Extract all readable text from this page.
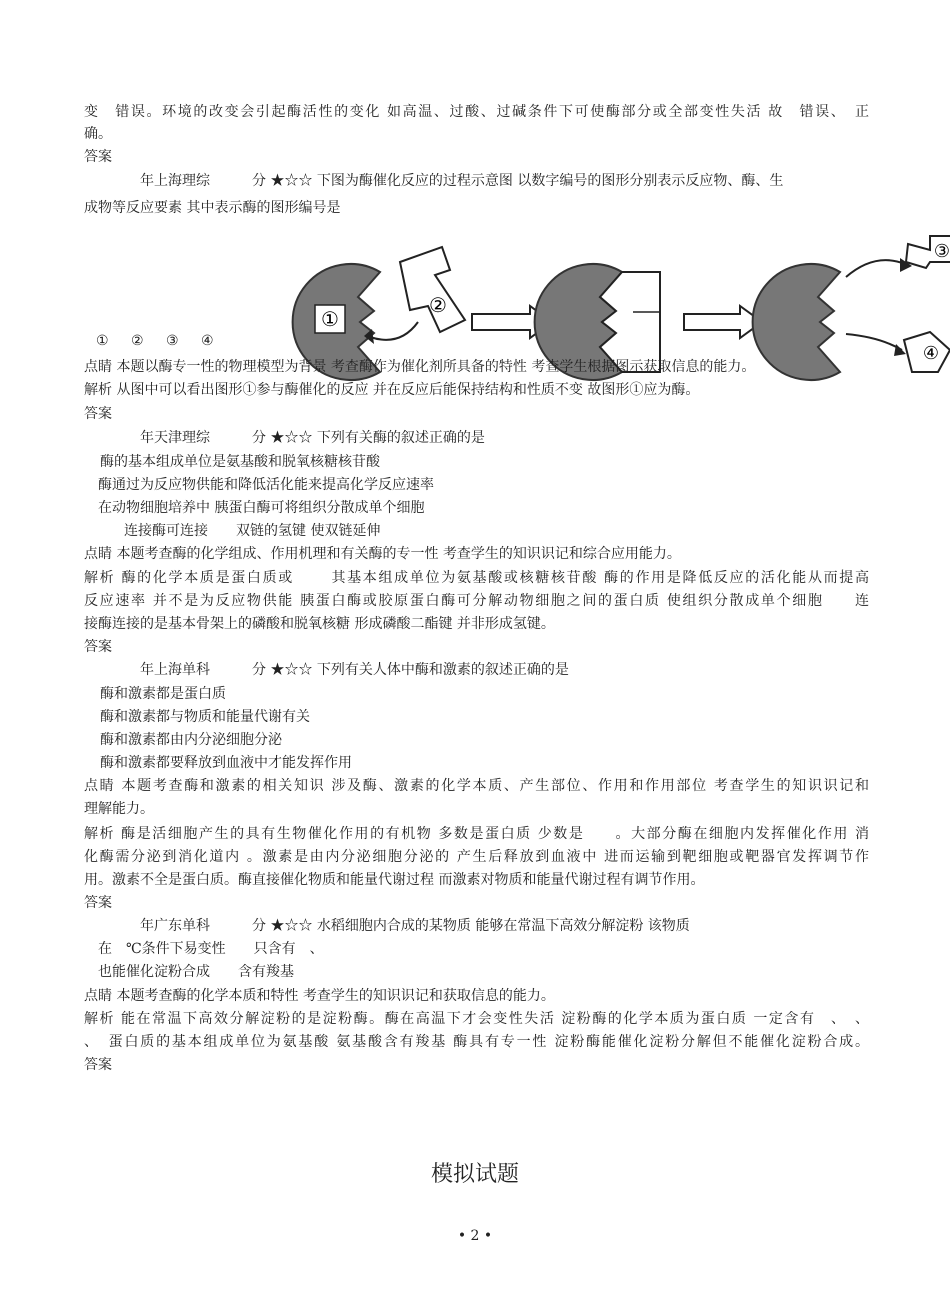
变　错误。环境的改变会引起酶活性的变化 如高温、过酸、过碱条件下可使酶部分或全部变性失活 故　错误、　正
确。
答案
年上海理综　　　分 ★☆☆ 下图为酶催化反应的过程示意图 以数字编号的图形分别表示反应物、酶、生
成物等反应要素 其中表示酶的图形编号是
①
②
③
④
① ② ③ ④
点睛 本题以酶专一性的物理模型为背景 考查酶作为催化剂所具备的特性 考查学生根据图示获取信息的能力。
解析 从图中可以看出图形①参与酶催化的反应 并在反应后能保持结构和性质不变 故图形①应为酶。
答案
年天津理综　　　分 ★☆☆ 下列有关酶的叙述正确的是
酶的基本组成单位是氨基酸和脱氧核糖核苷酸
酶通过为反应物供能和降低活化能来提高化学反应速率
在动物细胞培养中 胰蛋白酶可将组织分散成单个细胞
连接酶可连接　　双链的氢键 使双链延伸
点睛 本题考查酶的化学组成、作用机理和有关酶的专一性 考查学生的知识识记和综合应用能力。
解析 酶的化学本质是蛋白质或　　 其基本组成单位为氨基酸或核糖核苷酸 酶的作用是降低反应的活化能从而提高
反应速率 并不是为反应物供能 胰蛋白酶或胶原蛋白酶可分解动物细胞之间的蛋白质 使组织分散成单个细胞　　连
接酶连接的是基本骨架上的磷酸和脱氧核糖 形成磷酸二酯键 并非形成氢键。
答案
年上海单科　　　分 ★☆☆ 下列有关人体中酶和激素的叙述正确的是
酶和激素都是蛋白质
酶和激素都与物质和能量代谢有关
酶和激素都由内分泌细胞分泌
酶和激素都要释放到血液中才能发挥作用
点睛 本题考查酶和激素的相关知识 涉及酶、激素的化学本质、产生部位、作用和作用部位 考查学生的知识识记和
理解能力。
解析 酶是活细胞产生的具有生物催化作用的有机物 多数是蛋白质 少数是　　。大部分酶在细胞内发挥催化作用 消
化酶需分泌到消化道内 。激素是由内分泌细胞分泌的 产生后释放到血液中 进而运输到靶细胞或靶器官发挥调节作
用。激素不全是蛋白质。酶直接催化物质和能量代谢过程 而激素对物质和能量代谢过程有调节作用。
答案
年广东单科　　　分 ★☆☆ 水稻细胞内合成的某物质 能够在常温下高效分解淀粉 该物质
在　℃条件下易变性　　只含有　、
也能催化淀粉合成　　含有羧基
点睛 本题考查酶的化学本质和特性 考查学生的知识识记和获取信息的能力。
解析 能在常温下高效分解淀粉的是淀粉酶。酶在高温下才会变性失活 淀粉酶的化学本质为蛋白质 一定含有　、　、
、　蛋白质的基本组成单位为氨基酸 氨基酸含有羧基 酶具有专一性 淀粉酶能催化淀粉分解但不能催化淀粉合成。
答案
模拟试题
• 2 •
